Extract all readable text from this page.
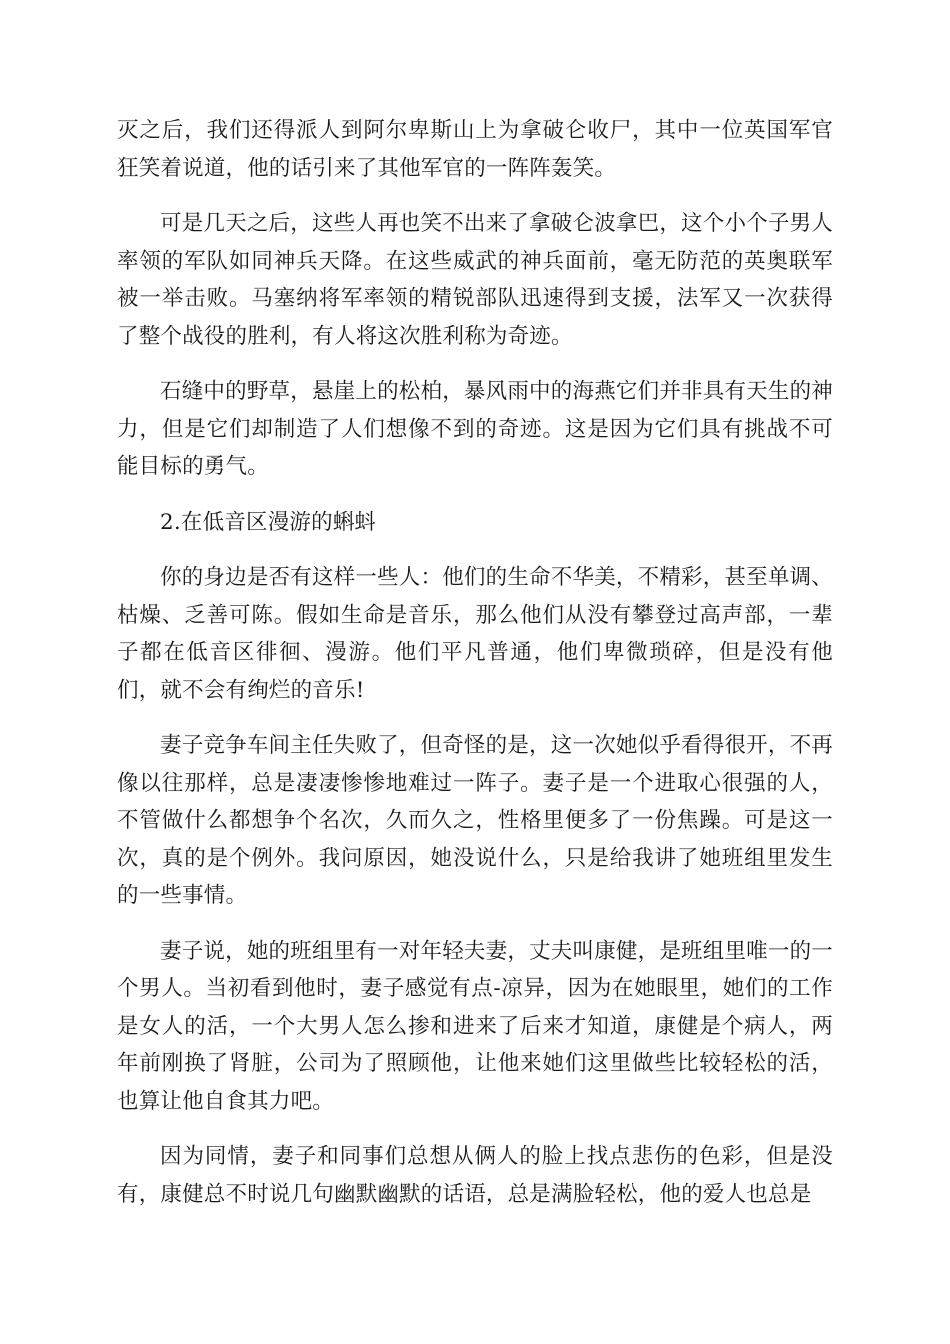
灭之后，我们还得派人到阿尔卑斯山上为拿破仑收尸，其中一位英国军官狂笑着说道，他的话引来了其他军官的一阵阵轰笑。

可是几天之后，这些人再也笑不出来了拿破仑波拿巴，这个小个子男人率领的军队如同神兵天降。在这些威武的神兵面前，毫无防范的英奥联军被一举击败。马塞纳将军率领的精锐部队迅速得到支援，法军又一次获得了整个战役的胜利，有人将这次胜利称为奇迹。

石缝中的野草，悬崖上的松柏，暴风雨中的海燕它们并非具有天生的神力，但是它们却制造了人们想像不到的奇迹。这是因为它们具有挑战不可能目标的勇气。

2.在低音区漫游的蝌蚪

你的身边是否有这样一些人：他们的生命不华美，不精彩，甚至单调、枯燥、乏善可陈。假如生命是音乐，那么他们从没有攀登过高声部，一辈子都在低音区徘徊、漫游。他们平凡普通，他们卑微琐碎，但是没有他们，就不会有绚烂的音乐!

妻子竞争车间主任失败了，但奇怪的是，这一次她似乎看得很开，不再像以往那样，总是凄凄惨惨地难过一阵子。妻子是一个进取心很强的人，不管做什么都想争个名次，久而久之，性格里便多了一份焦躁。可是这一次，真的是个例外。我问原因，她没说什么，只是给我讲了她班组里发生的一些事情。

妻子说，她的班组里有一对年轻夫妻，丈夫叫康健，是班组里唯一的一个男人。当初看到他时，妻子感觉有点-凉异，因为在她眼里，她们的工作是女人的活，一个大男人怎么掺和进来了后来才知道，康健是个病人，两年前刚换了肾脏，公司为了照顾他，让他来她们这里做些比较轻松的活，也算让他自食其力吧。

因为同情，妻子和同事们总想从俩人的脸上找点悲伤的色彩，但是没有，康健总不时说几句幽默幽默的话语，总是满脸轻松，他的爱人也总是
